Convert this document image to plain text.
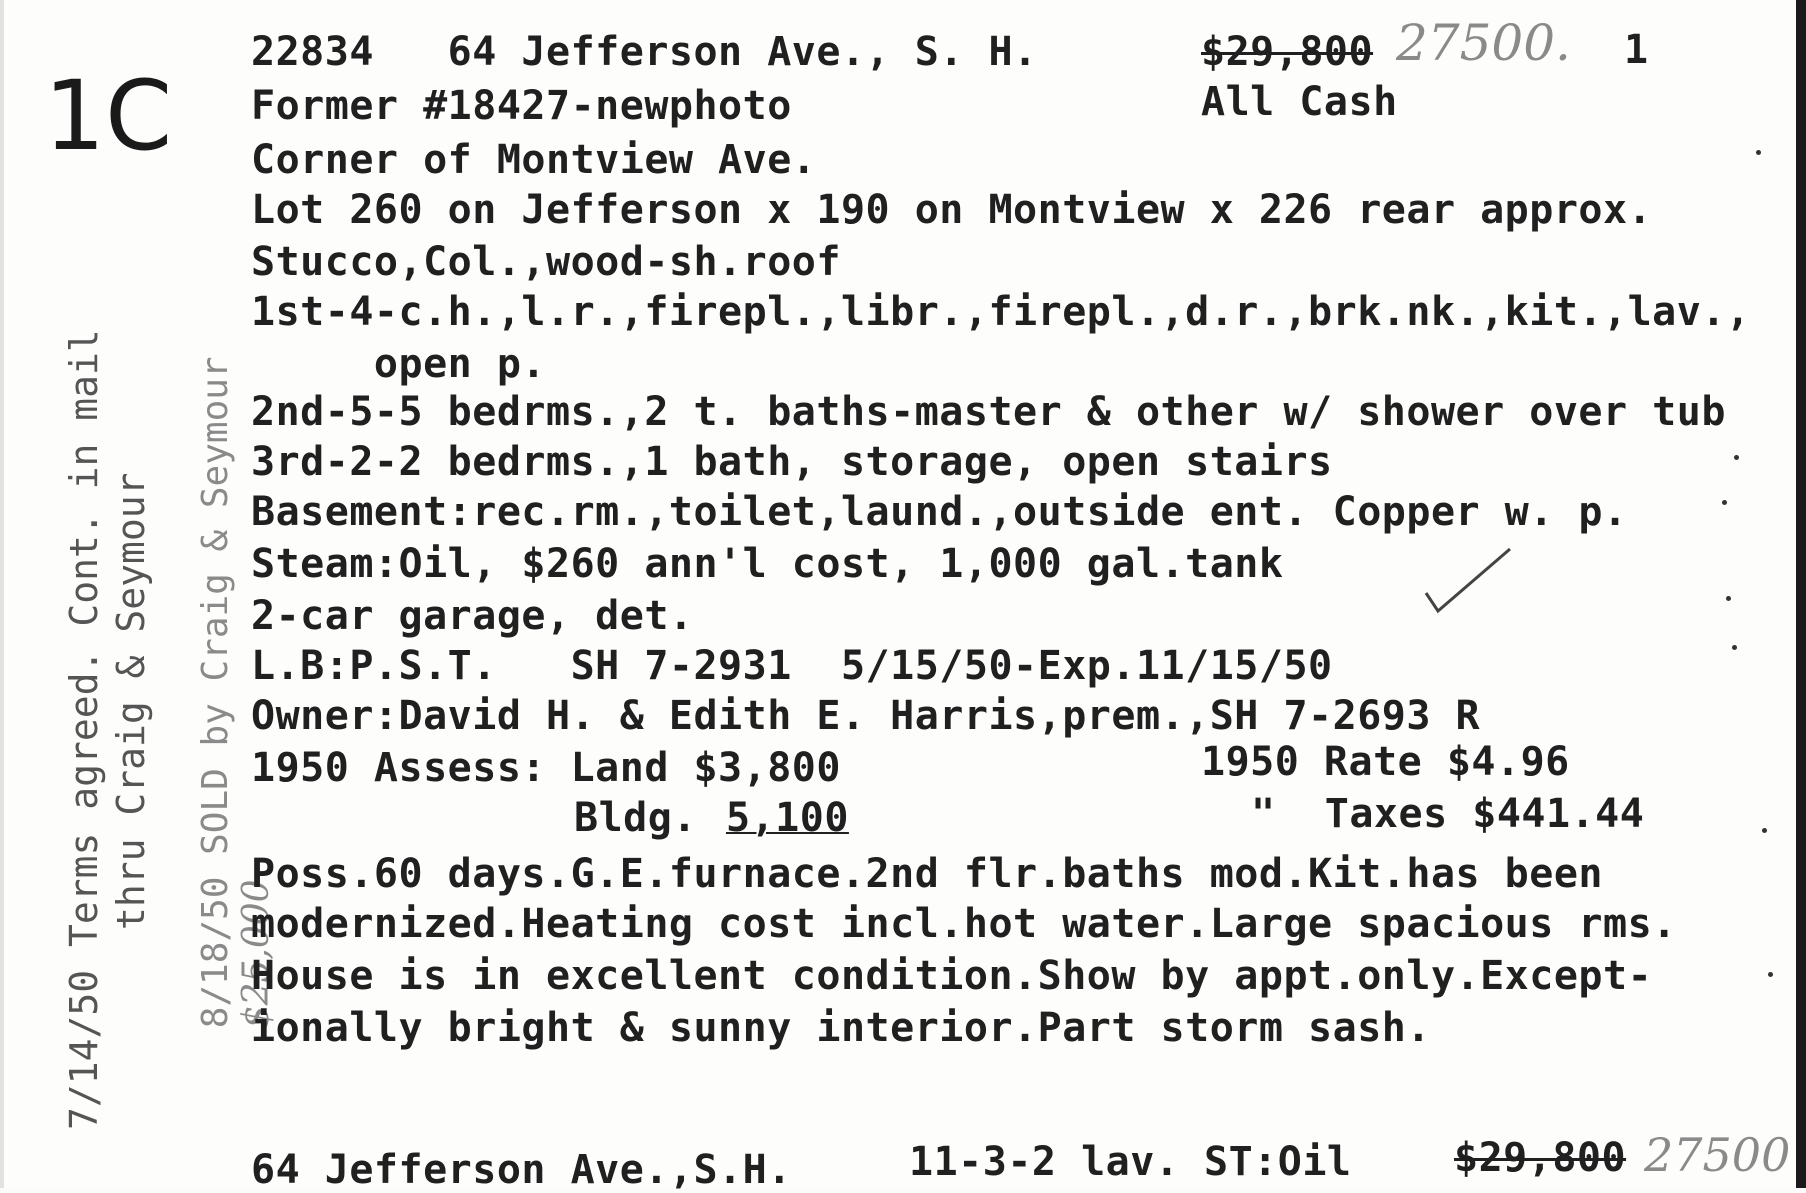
1C
7/14/50 Terms agreed. Cont. in mail thru Craig & Seymour	8/18/50 SOLD by Craig & Seymour
$25,000

22834   64 Jefferson Ave., S. H.	$29,800 27500. 1
Former #18427-newphoto	All Cash
Corner of Montview Ave.
Lot 260 on Jefferson x 190 on Montview x 226 rear approx.
Stucco,Col.,wood-sh.roof
1st-4-c.h.,l.r.,firepl.,libr.,firepl.,d.r.,brk.nk.,kit.,lav.,
open p.
2nd-5-5 bedrms.,2 t. baths-master & other w/ shower over tub
3rd-2-2 bedrms.,1 bath, storage, open stairs
Basement:rec.rm.,toilet,laund.,outside ent. Copper w. p.
Steam:Oil, $260 ann'l cost, 1,000 gal.tank
2-car garage, det.
L.B:P.S.T.   SH 7-2931  5/15/50-Exp.11/15/50
Owner:David H. & Edith E. Harris,prem.,SH 7-2693 R
1950 Assess: Land $3,800	1950 Rate $4.96
Bldg. 5,100	"  Taxes $441.44
Poss.60 days.G.E.furnace.2nd flr.baths mod.Kit.has been
modernized.Heating cost incl.hot water.Large spacious rms.
House is in excellent condition.Show by appt.only.Except-
ionally bright & sunny interior.Part storm sash.
64 Jefferson Ave.,S.H.	11-3-2 lav. ST:Oil	$29,800 27500
